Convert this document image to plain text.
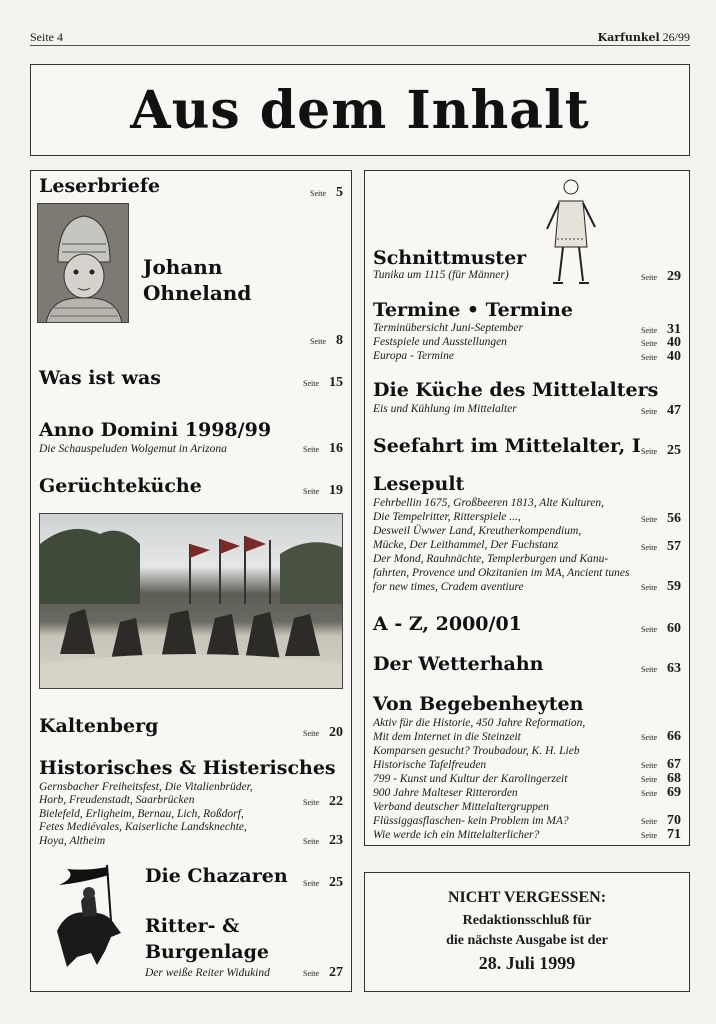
Seite 4	Karfunkel 26/99
Aus dem Inhalt
Leserbriefe	Seite 5
Johann
Ohneland
Seite 8
Was ist was	Seite 15
Anno Domini 1998/99
Die Schauspeluden Wolgemut in Arizona	Seite 16
Gerüchteküche	Seite 19
Kaltenberg	Seite 20
Historisches & Histerisches
Gernsbacher Freiheitsfest, Die Vitalienbrüder,
Horb, Freudenstadt, Saarbrücken	Seite 22
Bielefeld, Erligheim, Bernau, Lich, Roßdorf,
Fetes Mediévales, Kaiserliche Landsknechte,
Hoya, Altheim	Seite 23
Die Chazaren Seite 25
Ritter- &
Burgenlage
Der weiße Reiter Widukind	Seite 27
Schnittmuster
Tunika um 1115 (für Männer)	Seite 29
Termine • Termine
Terminübersicht Juni-September	Seite 31
Festspiele und Ausstellungen	Seite 40
Europa - Termine	Seite 40
Die Küche des Mittelalters
Eis und Kühlung im Mittelalter	Seite 47
Seefahrt im Mittelalter, I Seite 25
Lesepult
Fehrbellin 1675, Großbeeren 1813, Alte Kulturen,
Die Tempelritter, Ritterspiele ...,	Seite 56
Desweil Üwwer Land, Kreutherkompendium,
Mücke, Der Leithammel, Der Fuchstanz	Seite 57
Der Mond, Rauhnächte, Templerburgen und Kanu-
fahrten, Provence und Okzitanien im MA, Ancient tunes
for new times, Cradem aventiure	Seite 59
A - Z, 2000/01	Seite 60
Der Wetterhahn	Seite 63
Von Begebenheyten
Aktiv für die Historie, 450 Jahre Reformation,
Mit dem Internet in die Steinzeit	Seite 66
Komparsen gesucht? Troubadour, K. H. Lieb
Historische Tafelfreuden	Seite 67
799 - Kunst und Kultur der Karolingerzeit	Seite 68
900 Jahre Malteser Ritterorden	Seite 69
Verband deutscher Mittelaltergruppen
Flüssiggasflaschen- kein Problem im MA?	Seite 70
Wie werde ich ein Mittelalterlicher?	Seite 71
NICHT VERGESSEN:
Redaktionsschluß für
die nächste Ausgabe ist der
28. Juli 1999
